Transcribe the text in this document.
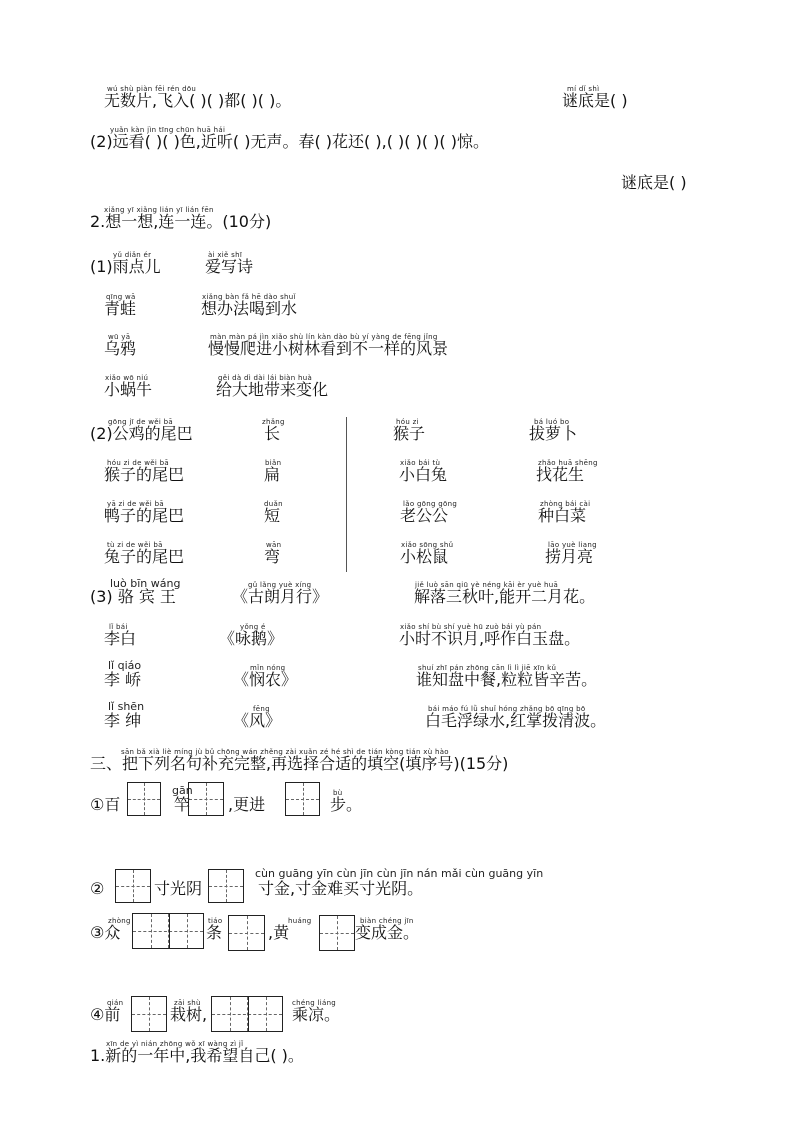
wú shù piàn fēi rén dōu
无数片,飞入( )( )都( )( )。
mí dǐ shì
谜底是( )
yuǎn kàn jìn tīng chūn huā hái
(2)远看( )( )色,近听( )无声。春( )花还( ),( )( )( )( )惊。
谜底是( )
xiǎng yī xiǎng lián yī lián fēn
2.想一想,连一连。(10分)
yǔ diǎn ér
(1)雨点儿
ài xiě shī
爱写诗
qīng wā
青蛙
xiǎng bàn fǎ hē dào shuǐ
想办法喝到水
wū yā
乌鸦
màn màn pá jìn xiǎo shù lín kàn dào bù yí yàng de fēng jǐng
慢慢爬进小树林看到不一样的风景
xiǎo wō niú
小蜗牛
gěi dà dì dài lái biàn huà
给大地带来变化
gōng jī de wěi bā
(2)公鸡的尾巴
zhǎng
长
hóu zi
猴子
bá luó bo
拔萝卜
hóu zi de wěi bā
猴子的尾巴
biǎn
扁
xiǎo bái tù
小白兔
zhǎo huā shēng
找花生
yā zi de wěi bā
鸭子的尾巴
duǎn
短
lǎo gōng gōng
老公公
zhòng bái cài
种白菜
tù zi de wěi bā
兔子的尾巴
wān
弯
xiǎo sōng shǔ
小松鼠
lāo yuè liang
捞月亮
luò bīn wáng
(3) 骆 宾 王
gǔ lǎng yuè xíng
《古朗月行》
jiě luò sān qiū yè néng kāi èr yuè huā
解落三秋叶,能开二月花。
lǐ bái
李白
yǒng é
《咏鹅》
xiǎo shí bù shí yuè hū zuò bái yù pán
小时不识月,呼作白玉盘。
lǐ qiáo
李 峤
mǐn nóng
《悯农》
shuí zhī pán zhōng cān lì lì jiē xīn kǔ
谁知盘中餐,粒粒皆辛苦。
lǐ shēn
李 绅
fēng
《风》
bái máo fú lǜ shuǐ hóng zhǎng bō qīng bō
白毛浮绿水,红掌拨清波。
sān bǎ xià liè míng jù bǔ chōng wán zhěng zài xuǎn zé hé shì de tián kòng tián xù hào
三、把下列名句补充完整,再选择合适的填空(填序号)(15分)
①百
gān
竿 ,更进
bù
步。
②	寸光阴
cùn guāng yīn cùn jīn cùn jīn nán mǎi cùn guāng yīn
寸金,寸金难买寸光阴。
zhòng
③众
tiáo
条
huáng
,黄
biàn chéng jīn
变成金。
qián
④前
zāi shù
栽树,
chéng liáng
乘凉。
xīn de yì nián zhōng wǒ xī wàng zì jǐ
1.新的一年中,我希望自己( )。
